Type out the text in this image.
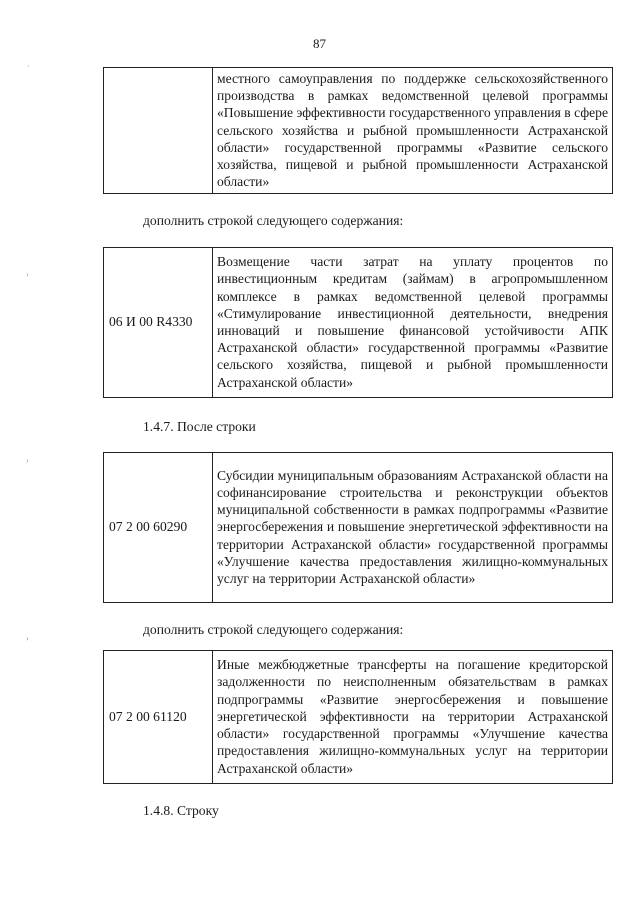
87
·
›
›
›
	местного самоуправления по поддержке сельскохозяйственного производства в рамках ведомственной целевой программы «Повышение эффективности государственного управления в сфере сельского хозяйства и рыбной промышленности Астраханской области» государственной программы «Развитие сельского хозяйства, пищевой и рыбной промышленности Астраханской области»
дополнить строкой следующего содержания:
06 И 00 R4330	Возмещение части затрат на уплату процентов по инвестиционным кредитам (займам) в агропромышленном комплексе в рамках ведомственной целевой программы «Стимулирование инвестиционной деятельности, внедрения инноваций и повышение финансовой устойчивости АПК Астраханской области» государственной программы «Развитие сельского хозяйства, пищевой и рыбной промышленности Астраханской области»
1.4.7. После строки
07 2 00 60290	Субсидии муниципальным образованиям Астраханской области на софинансирование строительства и реконструкции объектов муниципальной собственности в рамках подпрограммы «Развитие энергосбережения и повышение энергетической эффективности на территории Астраханской области» государственной программы «Улучшение качества предоставления жилищно-коммунальных услуг на территории Астраханской области»
дополнить строкой следующего содержания:
07 2 00 61120	Иные межбюджетные трансферты на погашение кредиторской задолженности по неисполненным обязательствам в рамках подпрограммы «Развитие энергосбережения и повышение энергетической эффективности на территории Астраханской области» государственной программы «Улучшение качества предоставления жилищно-коммунальных услуг на территории Астраханской области»
1.4.8. Строку
